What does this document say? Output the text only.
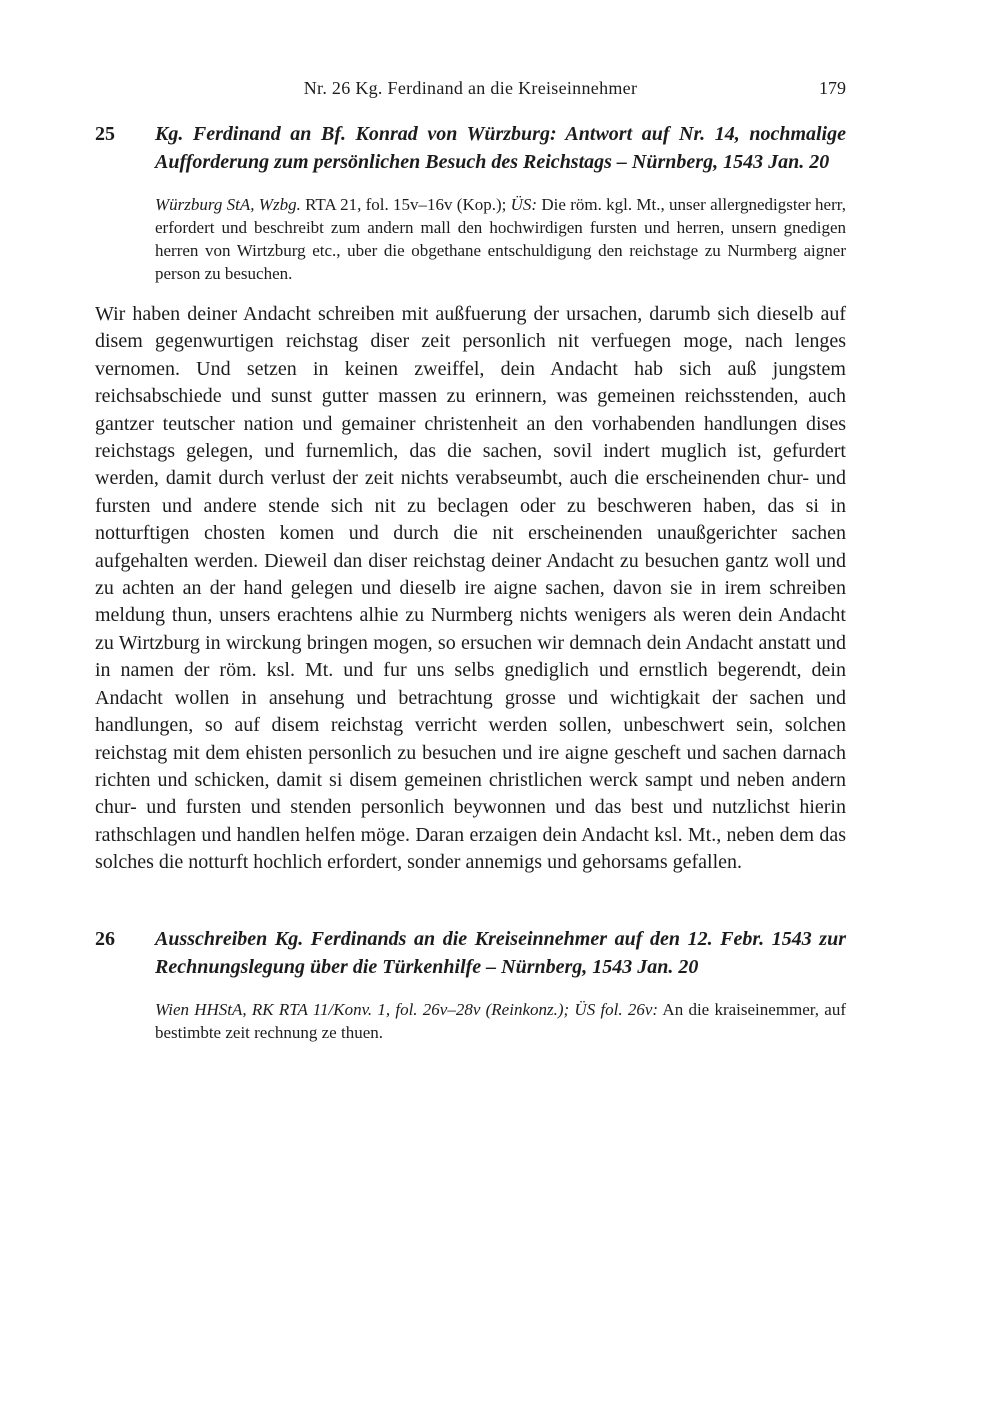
Nr. 26 Kg. Ferdinand an die Kreiseinnehmer	179
25	Kg. Ferdinand an Bf. Konrad von Würzburg: Antwort auf Nr. 14, nochmalige Aufforderung zum persönlichen Besuch des Reichstags – Nürnberg, 1543 Jan. 20

Würzburg StA, Wzbg. RTA 21, fol. 15v–16v (Kop.); ÜS: Die röm. kgl. Mt., unser allergnedigster herr, erfordert und beschreibt zum andern mall den hochwirdigen fursten und herren, unsern gnedigen herren von Wirtzburg etc., uber die obgethane entschuldigung den reichstage zu Nurmberg aigner person zu besuchen.

Wir haben deiner Andacht schreiben mit außfuerung der ursachen, darumb sich dieselb auf disem gegenwurtigen reichstag diser zeit personlich nit verfuegen moge, nach lenges vernomen. Und setzen in keinen zweiffel, dein Andacht hab sich auß jungstem reichsabschiede und sunst gutter massen zu erinnern, was gemeinen reichsstenden, auch gantzer teutscher nation und gemainer christenheit an den vorhabenden handlungen dises reichstags gelegen, und furnemlich, das die sachen, sovil indert muglich ist, gefurdert werden, damit durch verlust der zeit nichts verabseumbt, auch die erscheinenden chur- und fursten und andere stende sich nit zu beclagen oder zu beschweren haben, das si in notturftigen chosten komen und durch die nit erscheinenden unaußgerichter sachen aufgehalten werden. Dieweil dan diser reichstag deiner Andacht zu besuchen gantz woll und zu achten an der hand gelegen und dieselb ire aigne sachen, davon sie in irem schreiben meldung thun, unsers erachtens alhie zu Nurmberg nichts wenigers als weren dein Andacht zu Wirtzburg in wirckung bringen mogen, so ersuchen wir demnach dein Andacht anstatt und in namen der röm. ksl. Mt. und fur uns selbs gnediglich und ernstlich begerendt, dein Andacht wollen in ansehung und betrachtung grosse und wichtigkait der sachen und handlungen, so auf disem reichstag verricht werden sollen, unbeschwert sein, solchen reichstag mit dem ehisten personlich zu besuchen und ire aigne gescheft und sachen darnach richten und schicken, damit si disem gemeinen christlichen werck sampt und neben andern chur- und fursten und stenden personlich beywonnen und das best und nutzlichst hierin rathschlagen und handlen helfen möge. Daran erzaigen dein Andacht ksl. Mt., neben dem das solches die notturft hochlich erfordert, sonder annemigs und gehorsams gefallen.

26	Ausschreiben Kg. Ferdinands an die Kreiseinnehmer auf den 12. Febr. 1543 zur Rechnungslegung über die Türkenhilfe – Nürnberg, 1543 Jan. 20

Wien HHStA, RK RTA 11/Konv. 1, fol. 26v–28v (Reinkonz.); ÜS fol. 26v: An die kraiseinemmer, auf bestimbte zeit rechnung ze thuen.
